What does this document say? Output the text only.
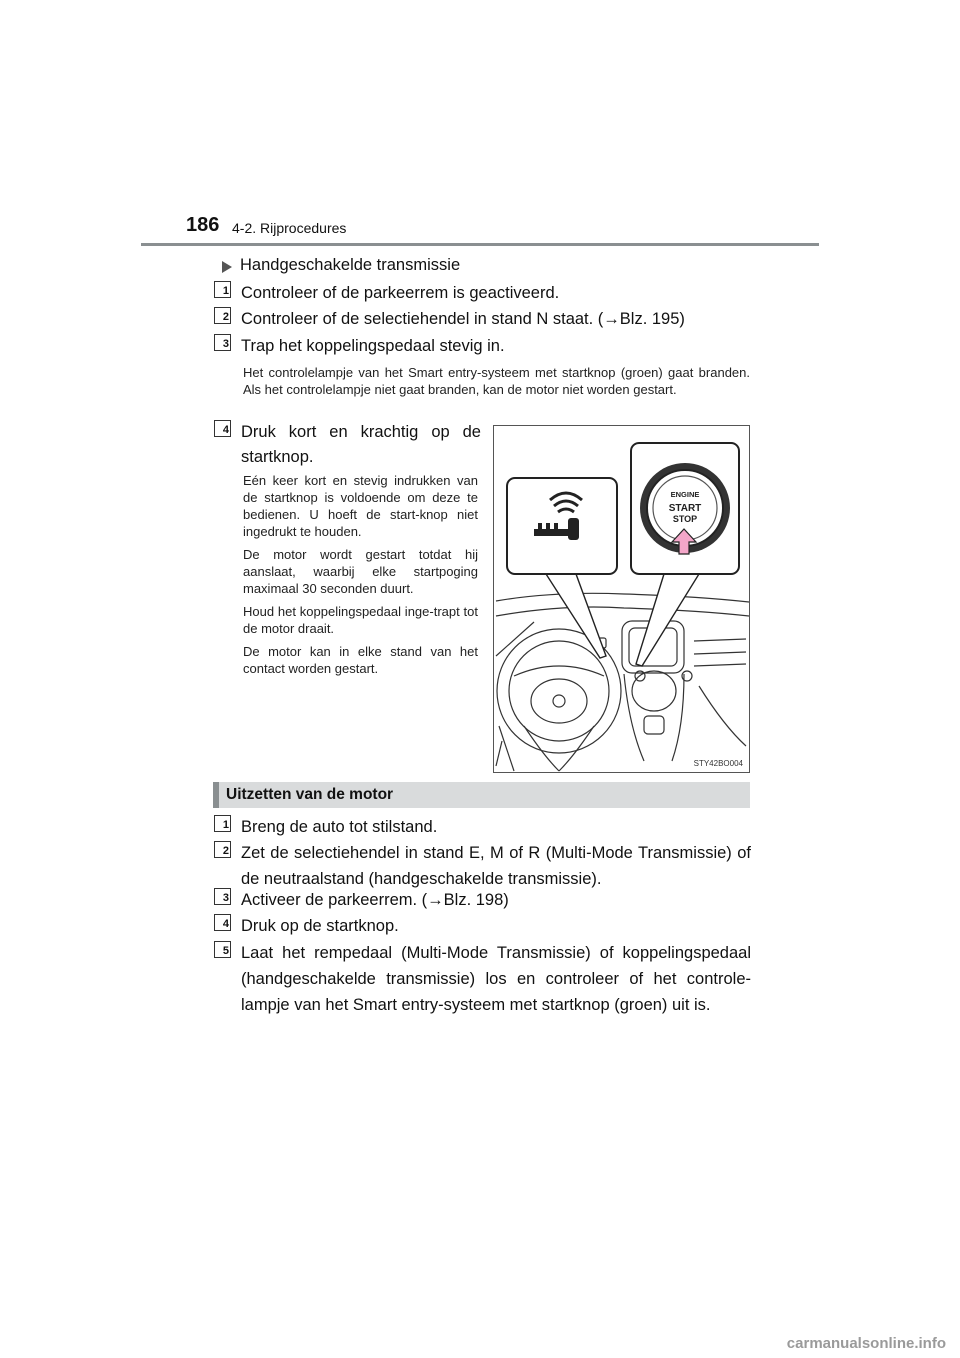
186 4-2. Rijprocedures
Handgeschakelde transmissie
1 Controleer of de parkeerrem is geactiveerd.
2 Controleer of de selectiehendel in stand N staat. (→Blz. 195)
3 Trap het koppelingspedaal stevig in.
Het controlelampje van het Smart entry-systeem met startknop (groen) gaat branden. Als het controlelampje niet gaat branden, kan de motor niet worden gestart.
4 Druk kort en krachtig op de startknop.
Eén keer kort en stevig indrukken van de startknop is voldoende om deze te bedienen. U hoeft de start-knop niet ingedrukt te houden.
De motor wordt gestart totdat hij aanslaat, waarbij elke startpoging maximaal 30 seconden duurt.
Houd het koppelingspedaal inge-trapt tot de motor draait.
De motor kan in elke stand van het contact worden gestart.
ENGINE
START
STOP
STY42BO004
Uitzetten van de motor
1 Breng de auto tot stilstand.
2 Zet de selectiehendel in stand E, M of R (Multi-Mode Transmissie) of de neutraalstand (handgeschakelde transmissie).
3 Activeer de parkeerrem. (→Blz. 198)
4 Druk op de startknop.
5 Laat het rempedaal (Multi-Mode Transmissie) of koppelingspedaal (handgeschakelde transmissie) los en controleer of het controle-lampje van het Smart entry-systeem met startknop (groen) uit is.
carmanualsonline.info
